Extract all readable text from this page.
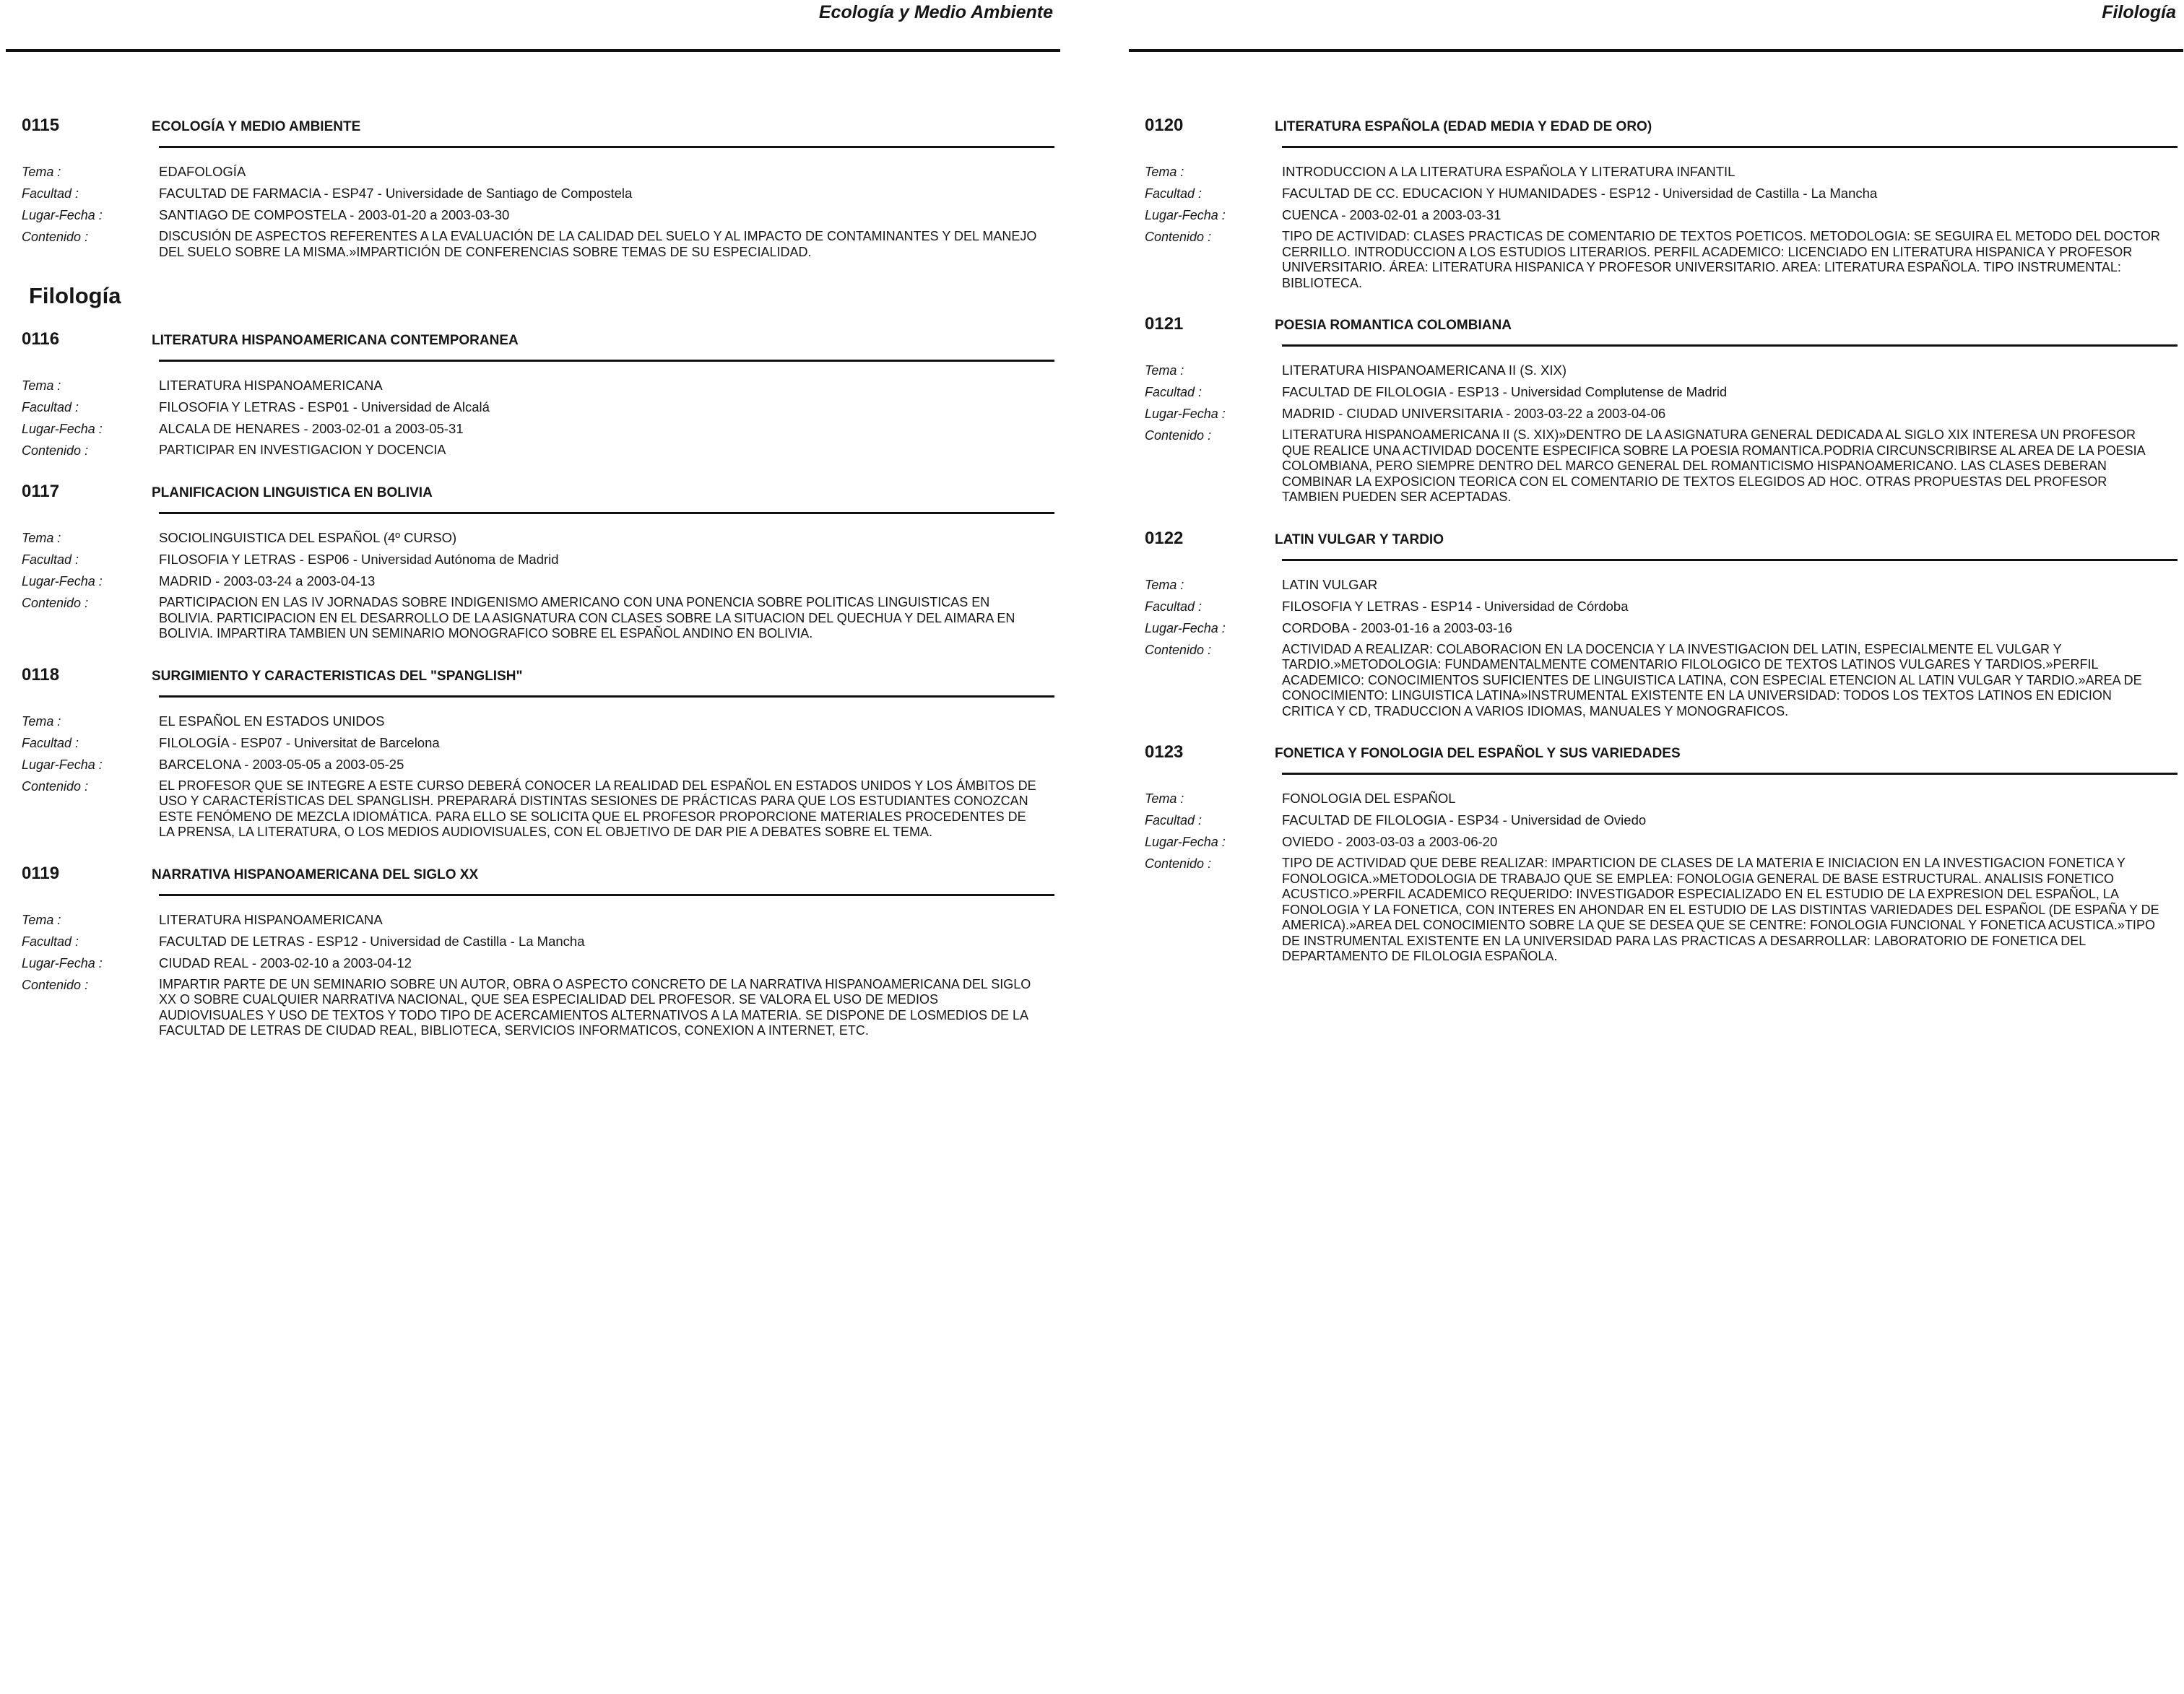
Ecología y Medio Ambiente
0115	ECOLOGÍA Y MEDIO AMBIENTE
Tema :	EDAFOLOGÍA
Facultad :	FACULTAD DE FARMACIA - ESP47 - Universidade de Santiago de Compostela
Lugar-Fecha :	SANTIAGO DE COMPOSTELA - 2003-01-20 a 2003-03-30
Contenido :	DISCUSIÓN DE ASPECTOS REFERENTES A LA EVALUACIÓN DE LA CALIDAD DEL SUELO Y AL IMPACTO DE CONTAMINANTES Y DEL MANEJO DEL SUELO SOBRE LA MISMA.»IMPARTICIÓN DE CONFERENCIAS SOBRE TEMAS DE SU ESPECIALIDAD.
Filología
0116	LITERATURA HISPANOAMERICANA CONTEMPORANEA
Tema :	LITERATURA HISPANOAMERICANA
Facultad :	FILOSOFIA Y LETRAS - ESP01 - Universidad de Alcalá
Lugar-Fecha :	ALCALA DE HENARES - 2003-02-01 a 2003-05-31
Contenido :	PARTICIPAR EN INVESTIGACION Y DOCENCIA
0117	PLANIFICACION LINGUISTICA EN BOLIVIA
Tema :	SOCIOLINGUISTICA DEL ESPAÑOL (4º CURSO)
Facultad :	FILOSOFIA Y LETRAS - ESP06 - Universidad Autónoma de Madrid
Lugar-Fecha :	MADRID - 2003-03-24 a 2003-04-13
Contenido :	PARTICIPACION EN LAS IV JORNADAS SOBRE INDIGENISMO AMERICANO CON UNA PONENCIA SOBRE POLITICAS LINGUISTICAS EN BOLIVIA. PARTICIPACION EN EL DESARROLLO DE LA ASIGNATURA CON CLASES SOBRE LA SITUACION DEL QUECHUA Y DEL AIMARA EN BOLIVIA. IMPARTIRA TAMBIEN UN SEMINARIO MONOGRAFICO SOBRE EL ESPAÑOL ANDINO EN BOLIVIA.
0118	SURGIMIENTO Y CARACTERISTICAS DEL "SPANGLISH"
Tema :	EL ESPAÑOL EN ESTADOS UNIDOS
Facultad :	FILOLOGÍA - ESP07 - Universitat de Barcelona
Lugar-Fecha :	BARCELONA - 2003-05-05 a 2003-05-25
Contenido :	EL PROFESOR QUE SE INTEGRE A ESTE CURSO DEBERÁ CONOCER LA REALIDAD DEL ESPAÑOL EN ESTADOS UNIDOS Y LOS ÁMBITOS DE USO Y CARACTERÍSTICAS DEL SPANGLISH. PREPARARÁ DISTINTAS SESIONES DE PRÁCTICAS PARA QUE LOS ESTUDIANTES CONOZCAN ESTE FENÓMENO DE MEZCLA IDIOMÁTICA. PARA ELLO SE SOLICITA QUE EL PROFESOR PROPORCIONE MATERIALES PROCEDENTES DE LA PRENSA, LA LITERATURA, O LOS MEDIOS AUDIOVISUALES, CON EL OBJETIVO DE DAR PIE A DEBATES SOBRE EL TEMA.
0119	NARRATIVA HISPANOAMERICANA DEL SIGLO XX
Tema :	LITERATURA HISPANOAMERICANA
Facultad :	FACULTAD DE LETRAS - ESP12 - Universidad de Castilla - La Mancha
Lugar-Fecha :	CIUDAD REAL - 2003-02-10 a 2003-04-12
Contenido :	IMPARTIR PARTE DE UN SEMINARIO SOBRE UN AUTOR, OBRA O ASPECTO CONCRETO DE LA NARRATIVA HISPANOAMERICANA DEL SIGLO XX O SOBRE CUALQUIER NARRATIVA NACIONAL, QUE SEA ESPECIALIDAD DEL PROFESOR. SE VALORA EL USO DE MEDIOS AUDIOVISUALES Y USO DE TEXTOS Y TODO TIPO DE ACERCAMIENTOS ALTERNATIVOS A LA MATERIA. SE DISPONE DE LOSMEDIOS DE LA FACULTAD DE LETRAS DE CIUDAD REAL, BIBLIOTECA, SERVICIOS INFORMATICOS, CONEXION A INTERNET, ETC.
Filología
0120	LITERATURA ESPAÑOLA (EDAD MEDIA Y EDAD DE ORO)
Tema :	INTRODUCCION A LA LITERATURA ESPAÑOLA Y LITERATURA INFANTIL
Facultad :	FACULTAD DE CC. EDUCACION Y HUMANIDADES - ESP12 - Universidad de Castilla - La Mancha
Lugar-Fecha :	CUENCA - 2003-02-01 a 2003-03-31
Contenido :	TIPO DE ACTIVIDAD: CLASES PRACTICAS DE COMENTARIO DE TEXTOS POETICOS. METODOLOGIA: SE SEGUIRA EL METODO DEL DOCTOR CERRILLO. INTRODUCCION A LOS ESTUDIOS LITERARIOS. PERFIL ACADEMICO: LICENCIADO EN LITERATURA HISPANICA Y PROFESOR UNIVERSITARIO. ÁREA: LITERATURA HISPANICA Y PROFESOR UNIVERSITARIO. AREA: LITERATURA ESPAÑOLA. TIPO INSTRUMENTAL: BIBLIOTECA.
0121	POESIA ROMANTICA COLOMBIANA
Tema :	LITERATURA HISPANOAMERICANA II (S. XIX)
Facultad :	FACULTAD DE FILOLOGIA - ESP13 - Universidad Complutense de Madrid
Lugar-Fecha :	MADRID - CIUDAD UNIVERSITARIA - 2003-03-22 a 2003-04-06
Contenido :	LITERATURA HISPANOAMERICANA II (S. XIX)»DENTRO DE LA ASIGNATURA GENERAL DEDICADA AL SIGLO XIX INTERESA UN PROFESOR QUE REALICE UNA ACTIVIDAD DOCENTE ESPECIFICA SOBRE LA POESIA ROMANTICA.PODRIA CIRCUNSCRIBIRSE AL AREA DE LA POESIA COLOMBIANA, PERO SIEMPRE DENTRO DEL MARCO GENERAL DEL ROMANTICISMO HISPANOAMERICANO. LAS CLASES DEBERAN COMBINAR LA EXPOSICION TEORICA CON EL COMENTARIO DE TEXTOS ELEGIDOS AD HOC. OTRAS PROPUESTAS DEL PROFESOR TAMBIEN PUEDEN SER ACEPTADAS.
0122	LATIN VULGAR Y TARDIO
Tema :	LATIN VULGAR
Facultad :	FILOSOFIA Y LETRAS - ESP14 - Universidad de Córdoba
Lugar-Fecha :	CORDOBA - 2003-01-16 a 2003-03-16
Contenido :	ACTIVIDAD A REALIZAR: COLABORACION EN LA DOCENCIA Y LA INVESTIGACION DEL LATIN, ESPECIALMENTE EL VULGAR Y TARDIO.»METODOLOGIA: FUNDAMENTALMENTE COMENTARIO FILOLOGICO DE TEXTOS LATINOS VULGARES Y TARDIOS.»PERFIL ACADEMICO: CONOCIMIENTOS SUFICIENTES DE LINGUISTICA LATINA, CON ESPECIAL ETENCION AL LATIN VULGAR Y TARDIO.»AREA DE CONOCIMIENTO: LINGUISTICA LATINA»INSTRUMENTAL EXISTENTE EN LA UNIVERSIDAD: TODOS LOS TEXTOS LATINOS EN EDICION CRITICA Y CD, TRADUCCION A VARIOS IDIOMAS, MANUALES Y MONOGRAFICOS.
0123	FONETICA Y FONOLOGIA DEL ESPAÑOL Y SUS VARIEDADES
Tema :	FONOLOGIA DEL ESPAÑOL
Facultad :	FACULTAD DE FILOLOGIA - ESP34 - Universidad de Oviedo
Lugar-Fecha :	OVIEDO - 2003-03-03 a 2003-06-20
Contenido :	TIPO DE ACTIVIDAD QUE DEBE REALIZAR: IMPARTICION DE CLASES DE LA MATERIA E INICIACION EN LA INVESTIGACION FONETICA Y FONOLOGICA.»METODOLOGIA DE TRABAJO QUE SE EMPLEA: FONOLOGIA GENERAL DE BASE ESTRUCTURAL. ANALISIS FONETICO ACUSTICO.»PERFIL ACADEMICO REQUERIDO: INVESTIGADOR ESPECIALIZADO EN EL ESTUDIO DE LA EXPRESION DEL ESPAÑOL, LA FONOLOGIA Y LA FONETICA, CON INTERES EN AHONDAR EN EL ESTUDIO DE LAS DISTINTAS VARIEDADES DEL ESPAÑOL (DE ESPAÑA Y DE AMERICA).»AREA DEL CONOCIMIENTO SOBRE LA QUE SE DESEA QUE SE CENTRE: FONOLOGIA FUNCIONAL Y FONETICA ACUSTICA.»TIPO DE INSTRUMENTAL EXISTENTE EN LA UNIVERSIDAD PARA LAS PRACTICAS A DESARROLLAR: LABORATORIO DE FONETICA DEL DEPARTAMENTO DE FILOLOGIA ESPAÑOLA.
